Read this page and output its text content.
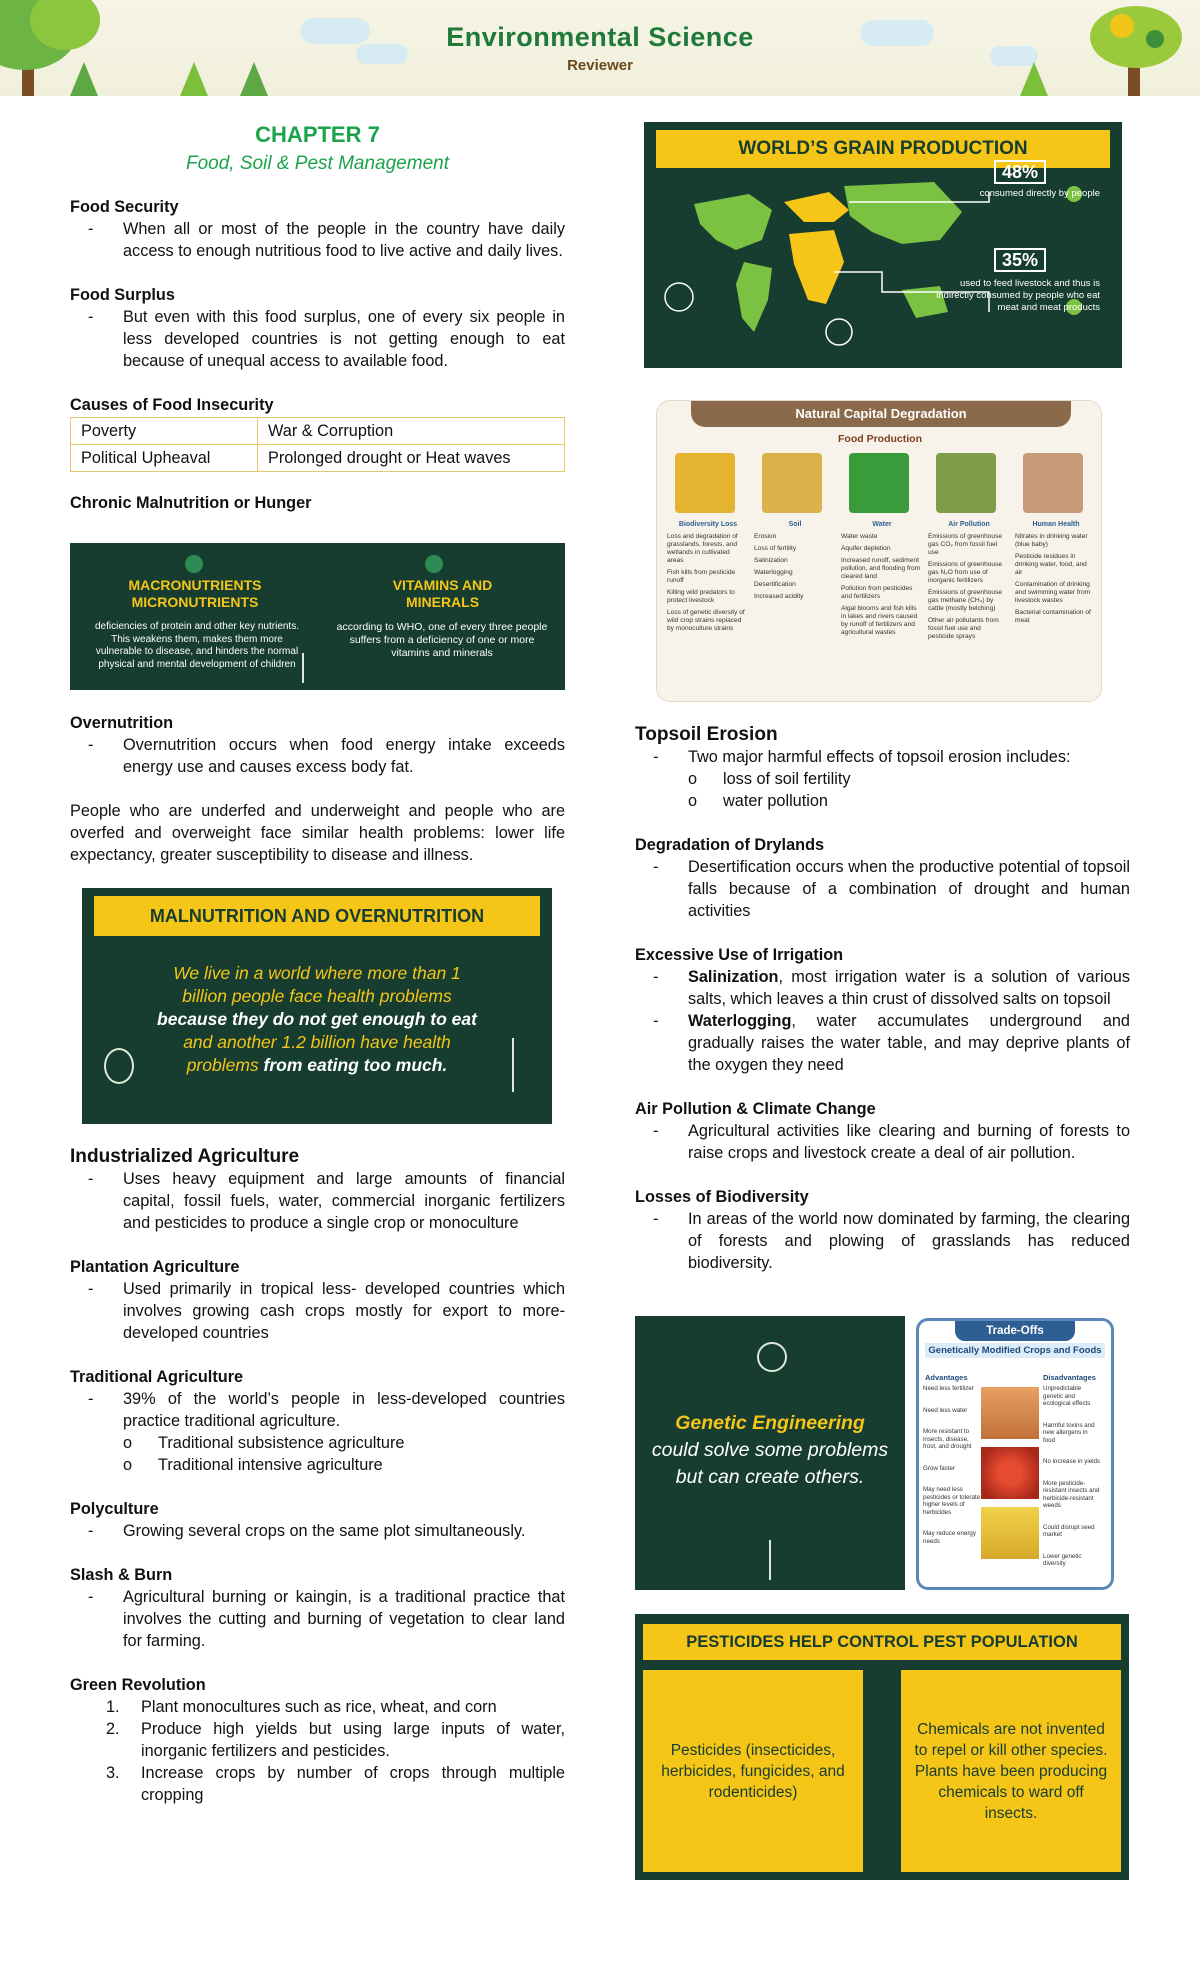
Environmental Science
Reviewer
CHAPTER 7
Food, Soil & Pest Management
Food Security
- When all or most of the people in the country have daily access to enough nutritious food to live active and daily lives.
Food Surplus
- But even with this food surplus, one of every six people in less developed countries is not getting enough to eat because of unequal access to available food.
Causes of Food Insecurity
Poverty	War & Corruption
Political Upheaval	Prolonged drought or Heat waves
Chronic Malnutrition or Hunger
MACRONUTRIENTS
MICRONUTRIENTS
deficiencies of protein and other key nutrients. This weakens them, makes them more vulnerable to disease, and hinders the normal physical and mental development of children
VITAMINS AND
MINERALS
according to WHO, one of every three people suffers from a deficiency of one or more vitamins and minerals
Overnutrition
- Overnutrition occurs when food energy intake exceeds energy use and causes excess body fat.

People who are underfed and underweight and people who are overfed and overweight face similar health problems: lower life expectancy, greater susceptibility to disease and illness.

MALNUTRITION AND OVERNUTRITION
We live in a world where more than 1 billion people face health problems because they do not get enough to eat and another 1.2 billion have health problems from eating too much.
Industrialized Agriculture
- Uses heavy equipment and large amounts of financial capital, fossil fuels, water, commercial inorganic fertilizers and pesticides to produce a single crop or monoculture
Plantation Agriculture
- Used primarily in tropical less- developed countries which involves growing cash crops mostly for export to more-developed countries
Traditional Agriculture
- 39% of the world’s people in less-developed countries practice traditional agriculture.
o Traditional subsistence agriculture
o Traditional intensive agriculture
Polyculture
- Growing several crops on the same plot simultaneously.
Slash & Burn
- Agricultural burning or kaingin, is a traditional practice that involves the cutting and burning of vegetation to clear land for farming.
Green Revolution
1. Plant monocultures such as rice, wheat, and corn
2. Produce high yields but using large inputs of water, inorganic fertilizers and pesticides.
3. Increase crops by number of crops through multiple cropping
WORLD’S GRAIN PRODUCTION
48%
consumed directly by people
35%
used to feed livestock and thus is indirectly consumed by people who eat meat and meat products
Natural Capital Degradation
Food Production
Biodiversity Loss
Loss and degradation of grasslands, forests, and wetlands in cultivated areas
Fish kills from pesticide runoff
Killing wild predators to protect livestock
Loss of genetic diversity of wild crop strains replaced by monoculture strains
Soil
Erosion
Loss of fertility
Salinization
Waterlogging
Desertification
Increased acidity
Water
Water waste
Aquifer depletion
Increased runoff, sediment pollution, and flooding from cleared land
Pollution from pesticides and fertilizers
Algal blooms and fish kills in lakes and rivers caused by runoff of fertilizers and agricultural wastes
Air Pollution
Emissions of greenhouse gas CO₂ from fossil fuel use
Emissions of greenhouse gas N₂O from use of inorganic fertilizers
Emissions of greenhouse gas methane (CH₄) by cattle (mostly belching)
Other air pollutants from fossil fuel use and pesticide sprays
Human Health
Nitrates in drinking water (blue baby)
Pesticide residues in drinking water, food, and air
Contamination of drinking and swimming water from livestock wastes
Bacterial contamination of meat
Topsoil Erosion
- Two major harmful effects of topsoil erosion includes:
o loss of soil fertility
o water pollution
Degradation of Drylands
- Desertification occurs when the productive potential of topsoil falls because of a combination of drought and human activities
Excessive Use of Irrigation
- Salinization, most irrigation water is a solution of various salts, which leaves a thin crust of dissolved salts on topsoil
- Waterlogging, water accumulates underground and gradually raises the water table, and may deprive plants of the oxygen they need
Air Pollution & Climate Change
- Agricultural activities like clearing and burning of forests to raise crops and livestock create a deal of air pollution.
Losses of Biodiversity
- In areas of the world now dominated by farming, the clearing of forests and plowing of grasslands has reduced biodiversity.
Genetic Engineering
could solve some problems but can create others.
Trade-Offs
Genetically Modified Crops and Foods
Advantages	Disadvantages
Need less fertilizer
Need less water
More resistant to insects, disease, frost, and drought
Grow faster
May need less pesticides or tolerate higher levels of herbicides
May reduce energy needs
Unpredictable genetic and ecological effects
Harmful toxins and new allergens in food
No increase in yields
More pesticide-resistant insects and herbicide-resistant weeds
Could disrupt seed market
Lower genetic diversity
PESTICIDES HELP CONTROL PEST POPULATION
Pesticides (insecticides, herbicides, fungicides, and rodenticides)
Chemicals are not invented to repel or kill other species. Plants have been producing chemicals to ward off insects.
